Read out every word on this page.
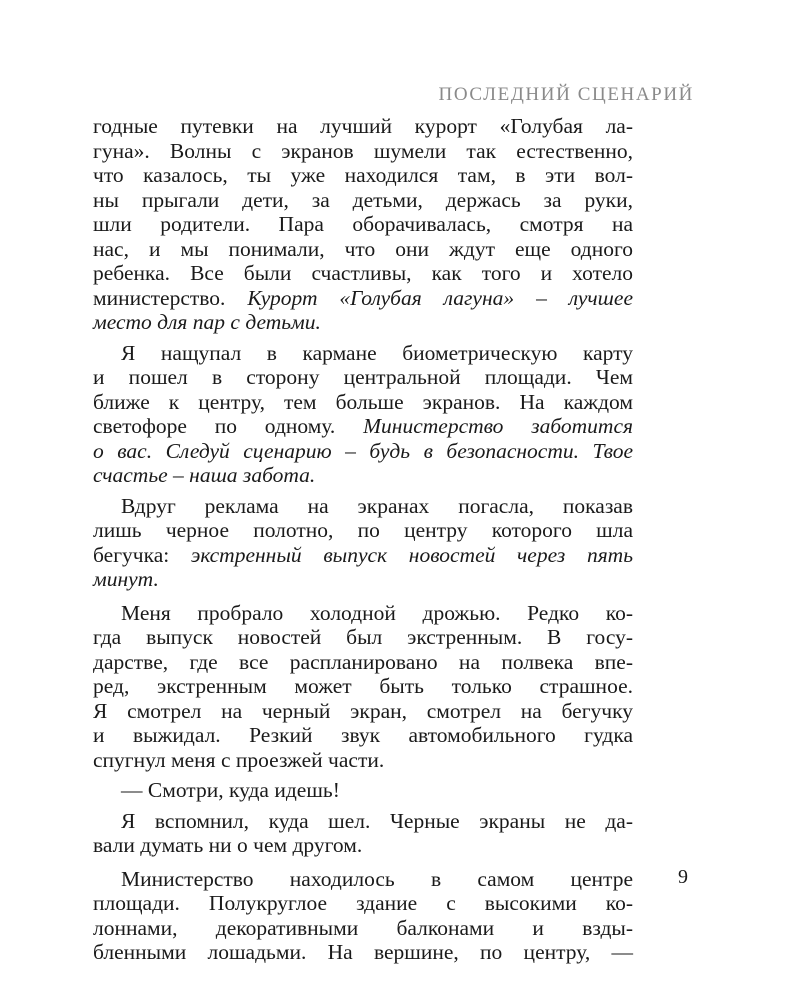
ПОСЛЕДНИЙ СЦЕНАРИЙ
годные путевки на лучший курорт «Голубая ла-
гуна». Волны с экранов шумели так естественно,
что казалось, ты уже находился там, в эти вол-
ны прыгали дети, за детьми, держась за руки,
шли родители. Пара оборачивалась, смотря на
нас, и мы понимали, что они ждут еще одного
ребенка. Все были счастливы, как того и хотело
министерство. Курорт «Голубая лагуна» – лучшее
место для пар с детьми.
Я нащупал в кармане биометрическую карту
и пошел в сторону центральной площади. Чем
ближе к центру, тем больше экранов. На каждом
светофоре по одному. Министерство заботится
о вас. Следуй сценарию – будь в безопасности. Твое
счастье – наша забота.
Вдруг реклама на экранах погасла, показав
лишь черное полотно, по центру которого шла
бегучка: экстренный выпуск новостей через пять
минут.
Меня пробрало холодной дрожью. Редко ко-
гда выпуск новостей был экстренным. В госу-
дарстве, где все распланировано на полвека впе-
ред, экстренным может быть только страшное.
Я смотрел на черный экран, смотрел на бегучку
и выжидал. Резкий звук автомобильного гудка
спугнул меня с проезжей части.
— Смотри, куда идешь!
Я вспомнил, куда шел. Черные экраны не да-
вали думать ни о чем другом.
Министерство находилось в самом центре
площади. Полукруглое здание с высокими ко-
лоннами, декоративными балконами и взды-
бленными лошадьми. На вершине, по центру, —
9
